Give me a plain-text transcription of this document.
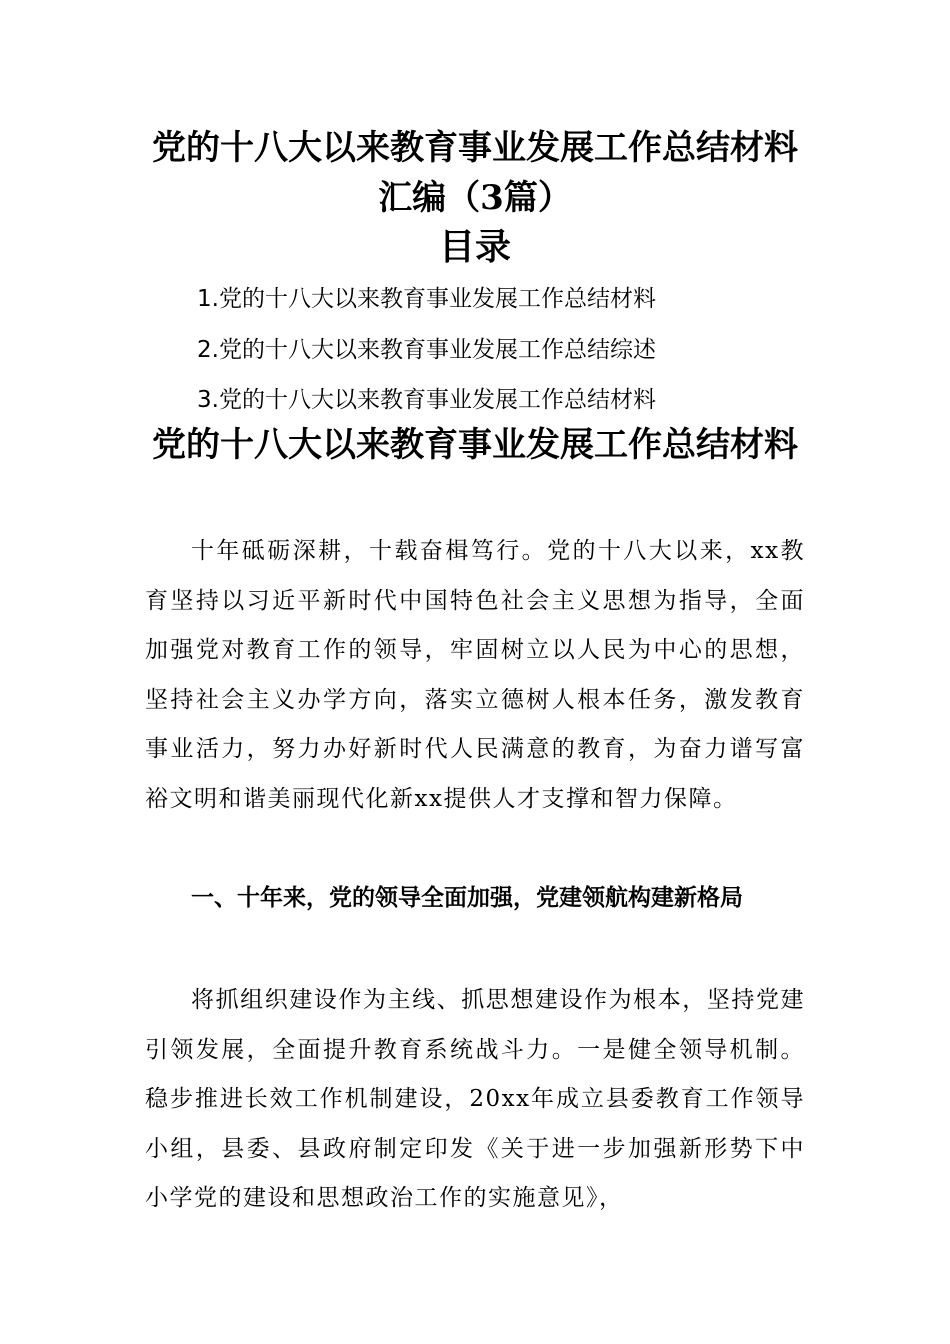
党的十八大以来教育事业发展工作总结材料汇编（3篇）
目录

1.党的十八大以来教育事业发展工作总结材料

2.党的十八大以来教育事业发展工作总结综述

3.党的十八大以来教育事业发展工作总结材料

党的十八大以来教育事业发展工作总结材料

十年砥砺深耕，十载奋楫笃行。党的十八大以来，xx教育坚持以习近平新时代中国特色社会主义思想为指导，全面加强党对教育工作的领导，牢固树立以人民为中心的思想，坚持社会主义办学方向，落实立德树人根本任务，激发教育事业活力，努力办好新时代人民满意的教育，为奋力谱写富裕文明和谐美丽现代化新xx提供人才支撑和智力保障。

一、十年来，党的领导全面加强，党建领航构建新格局

将抓组织建设作为主线、抓思想建设作为根本，坚持党建引领发展，全面提升教育系统战斗力。一是健全领导机制。稳步推进长效工作机制建设，20xx年成立县委教育工作领导小组，县委、县政府制定印发《关于进一步加强新形势下中小学党的建设和思想政治工作的实施意见》，
